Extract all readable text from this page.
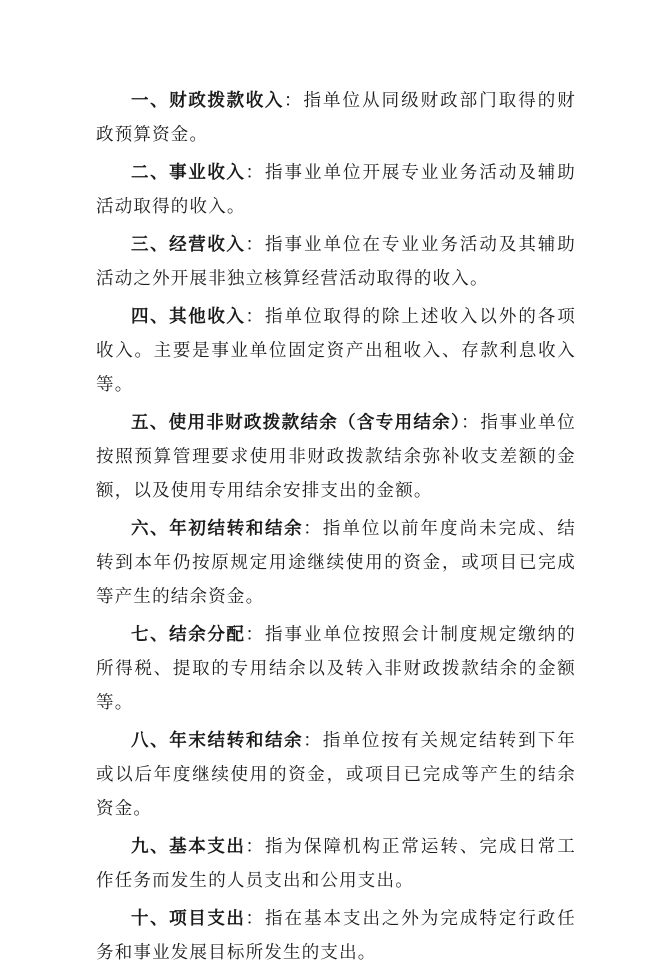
一、财政拨款收入：指单位从同级财政部门取得的财政预算资金。

二、事业收入：指事业单位开展专业业务活动及辅助活动取得的收入。

三、经营收入：指事业单位在专业业务活动及其辅助活动之外开展非独立核算经营活动取得的收入。

四、其他收入：指单位取得的除上述收入以外的各项收入。主要是事业单位固定资产出租收入、存款利息收入等。

五、使用非财政拨款结余（含专用结余）：指事业单位按照预算管理要求使用非财政拨款结余弥补收支差额的金额，以及使用专用结余安排支出的金额。

六、年初结转和结余：指单位以前年度尚未完成、结转到本年仍按原规定用途继续使用的资金，或项目已完成等产生的结余资金。

七、结余分配：指事业单位按照会计制度规定缴纳的所得税、提取的专用结余以及转入非财政拨款结余的金额等。

八、年末结转和结余：指单位按有关规定结转到下年或以后年度继续使用的资金，或项目已完成等产生的结余资金。

九、基本支出：指为保障机构正常运转、完成日常工作任务而发生的人员支出和公用支出。

十、项目支出：指在基本支出之外为完成特定行政任务和事业发展目标所发生的支出。
